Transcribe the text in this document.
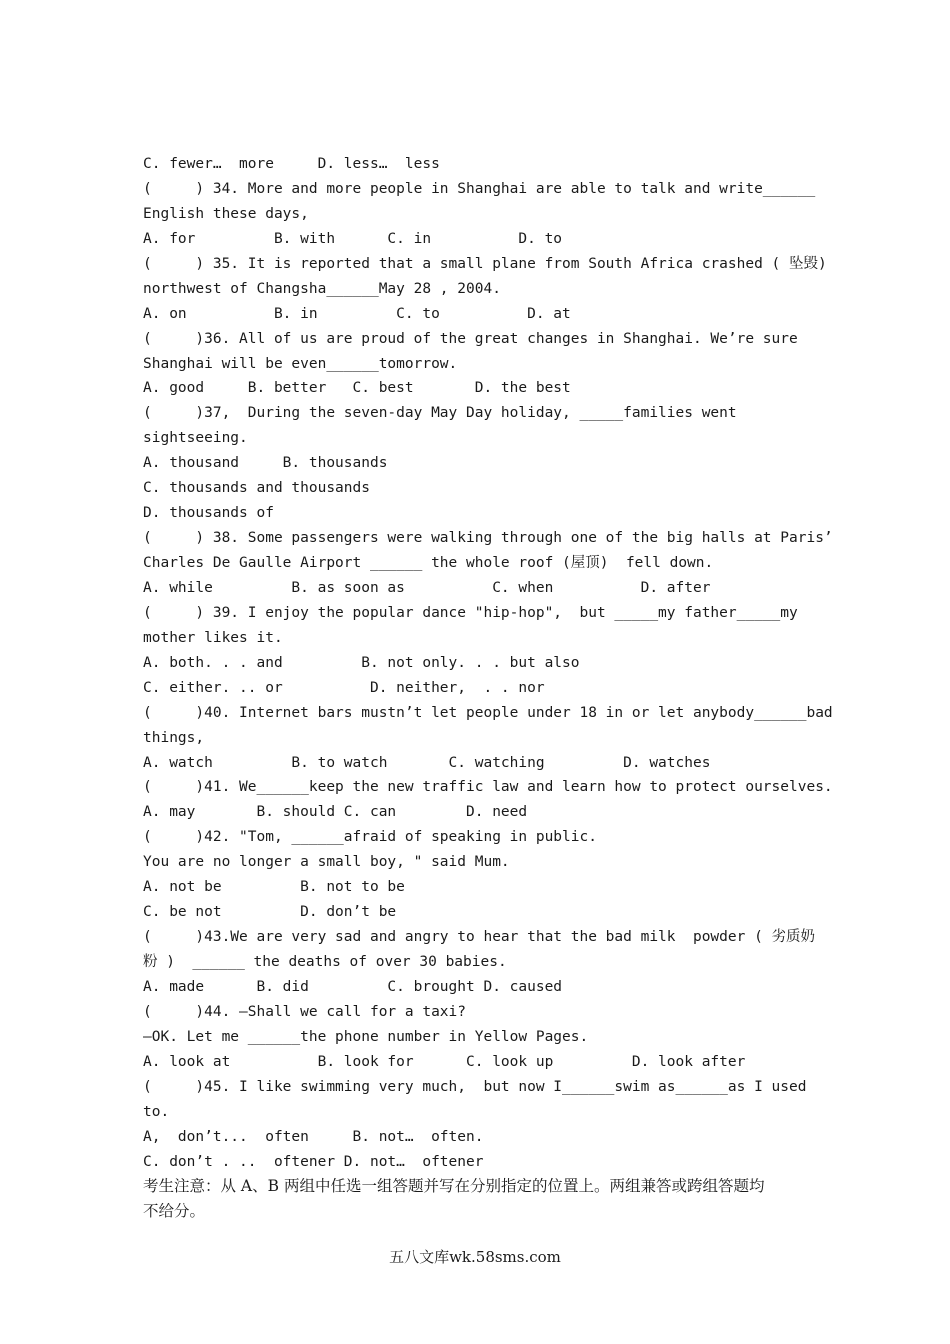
C. fewer…  more     D. less…  less
(     ) 34. More and more people in Shanghai are able to talk and write______
English these days,
A. for         B. with      C. in          D. to
(     ) 35. It is reported that a small plane from South Africa crashed ( 坠毁)
northwest of Changsha______May 28 , 2004.
A. on          B. in         C. to          D. at
(     )36. All of us are proud of the great changes in Shanghai. We’re sure
Shanghai will be even______tomorrow.
A. good     B. better   C. best       D. the best
(     )37,  During the seven-day May Day holiday, _____families went
sightseeing.
A. thousand     B. thousands
C. thousands and thousands
D. thousands of
(     ) 38. Some passengers were walking through one of the big halls at Paris’
Charles De Gaulle Airport ______ the whole roof (屋顶)  fell down.
A. while         B. as soon as          C. when          D. after
(     ) 39. I enjoy the popular dance "hip-hop",  but _____my father_____my
mother likes it.
A. both. . . and         B. not only. . . but also
C. either. .. or          D. neither,  . . nor
(     )40. Internet bars mustn’t let people under 18 in or let anybody______bad
things,
A. watch         B. to watch       C. watching         D. watches
(     )41. We______keep the new traffic law and learn how to protect ourselves.
A. may       B. should C. can        D. need
(     )42. "Tom, ______afraid of speaking in public.
You are no longer a small boy, " said Mum.
A. not be         B. not to be
C. be not         D. don’t be
(     )43.We are very sad and angry to hear that the bad milk  powder ( 劣质奶
粉 )  ______ the deaths of over 30 babies.
A. made      B. did         C. brought D. caused
(     )44. —Shall we call for a taxi?
—OK. Let me ______the phone number in Yellow Pages.
A. look at          B. look for      C. look up         D. look after
(     )45. I like swimming very much,  but now I______swim as______as I used
to.
A,  don’t...  often     B. not…  often.
C. don’t . ..  oftener D. not…  oftener
考生注意：从 A、B 两组中任选一组答题并写在分别指定的位置上。两组兼答或跨组答题均
不给分。
五八文库wk.58sms.com
